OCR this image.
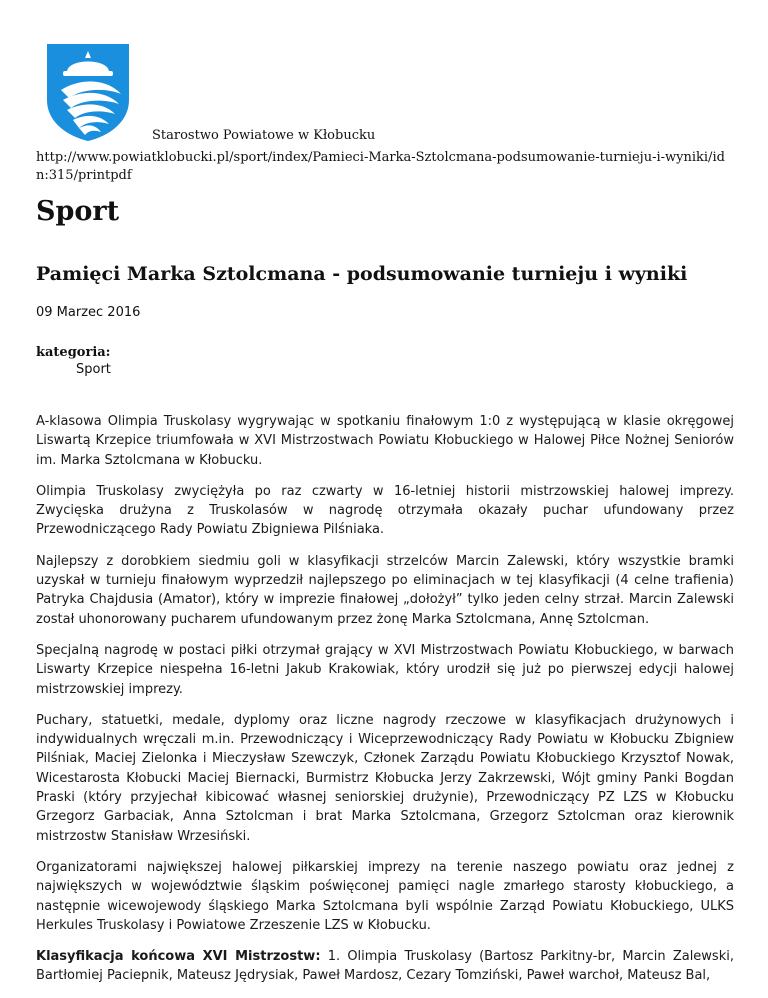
Starostwo Powiatowe w Kłobucku
http://www.powiatklobucki.pl/sport/index/Pamieci-Marka-Sztolcmana-podsumowanie-turnieju-i-wyniki/idn:315/printpdf
Sport
Pamięci Marka Sztolcmana - podsumowanie turnieju i wyniki
09 Marzec 2016
kategoria:
Sport

A-klasowa Olimpia Truskolasy wygrywając w spotkaniu finałowym 1:0 z występującą w klasie okręgowej Liswartą Krzepice triumfowała w XVI Mistrzostwach Powiatu Kłobuckiego w Halowej Piłce Nożnej Seniorów im. Marka Sztolcmana w Kłobucku.

Olimpia Truskolasy zwyciężyła po raz czwarty w 16-letniej historii mistrzowskiej halowej imprezy. Zwycięska drużyna z Truskolasów w nagrodę otrzymała okazały puchar ufundowany przez Przewodniczącego Rady Powiatu Zbigniewa Pilśniaka.

Najlepszy z dorobkiem siedmiu goli w klasyfikacji strzelców Marcin Zalewski, który wszystkie bramki uzyskał w turnieju finałowym wyprzedził najlepszego po eliminacjach w tej klasyfikacji (4 celne trafienia) Patryka Chajdusia (Amator), który w imprezie finałowej „dołożył” tylko jeden celny strzał. Marcin Zalewski został uhonorowany pucharem ufundowanym przez żonę Marka Sztolcmana, Annę Sztolcman.

Specjalną nagrodę w postaci piłki otrzymał grający w XVI Mistrzostwach Powiatu Kłobuckiego, w barwach Liswarty Krzepice niespełna 16-letni Jakub Krakowiak, który urodził się już po pierwszej edycji halowej mistrzowskiej imprezy.

Puchary, statuetki, medale, dyplomy oraz liczne nagrody rzeczowe w klasyfikacjach drużynowych i indywidualnych wręczali m.in. Przewodniczący i Wiceprzewodniczący Rady Powiatu w Kłobucku Zbigniew Pilśniak, Maciej Zielonka i Mieczysław Szewczyk, Członek Zarządu Powiatu Kłobuckiego Krzysztof Nowak, Wicestarosta Kłobucki Maciej Biernacki, Burmistrz Kłobucka Jerzy Zakrzewski, Wójt gminy Panki Bogdan Praski (który przyjechał kibicować własnej seniorskiej drużynie), Przewodniczący PZ LZS w Kłobucku Grzegorz Garbaciak, Anna Sztolcman i brat Marka Sztolcmana, Grzegorz Sztolcman oraz kierownik mistrzostw Stanisław Wrzesiński.

Organizatorami największej halowej piłkarskiej imprezy na terenie naszego powiatu oraz jednej z największych w województwie śląskim poświęconej pamięci nagle zmarłego starosty kłobuckiego, a następnie wicewojewody śląskiego Marka Sztolcmana byli wspólnie Zarząd Powiatu Kłobuckiego, ULKS Herkules Truskolasy i Powiatowe Zrzeszenie LZS w Kłobucku.

Klasyfikacja końcowa XVI Mistrzostw: 1. Olimpia Truskolasy (Bartosz Parkitny-br, Marcin Zalewski, Bartłomiej Paciepnik, Mateusz Jędrysiak, Paweł Mardosz, Cezary Tomziński, Paweł warchoł, Mateusz Bal,
